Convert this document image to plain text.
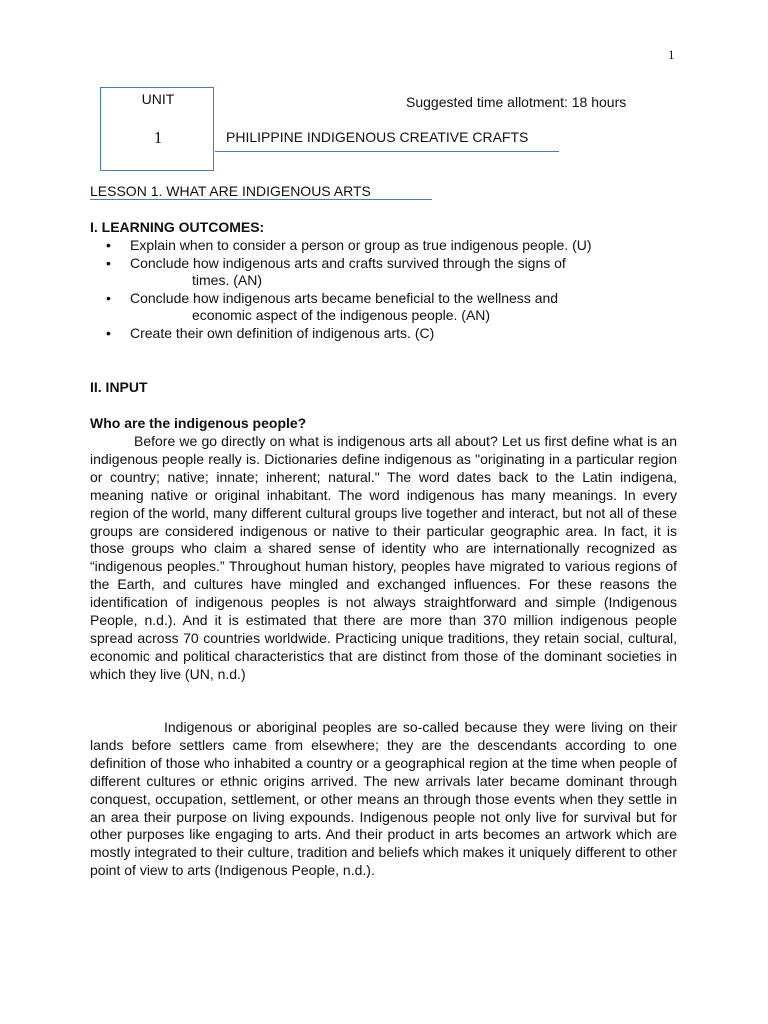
1
UNIT
1
Suggested time allotment: 18 hours
PHILIPPINE INDIGENOUS CREATIVE CRAFTS
LESSON 1. WHAT ARE INDIGENOUS ARTS
I. LEARNING OUTCOMES:
• Explain when to consider a person or group as true indigenous people. (U)
• Conclude how indigenous arts and crafts survived through the signs of
times. (AN)
• Conclude how indigenous arts became beneficial to the wellness and
economic aspect of the indigenous people. (AN)
• Create their own definition of indigenous arts. (C)
II. INPUT
Who are the indigenous people?

Before we go directly on what is indigenous arts all about? Let us first define what is an indigenous people really is. Dictionaries define indigenous as "originating in a particular region or country; native; innate; inherent; natural." The word dates back to the Latin indigena, meaning native or original inhabitant. The word indigenous has many meanings. In every region of the world, many different cultural groups live together and interact, but not all of these groups are considered indigenous or native to their particular geographic area. In fact, it is those groups who claim a shared sense of identity who are internationally recognized as “indigenous peoples.” Throughout human history, peoples have migrated to various regions of the Earth, and cultures have mingled and exchanged influences. For these reasons the identification of indigenous peoples is not always straightforward and simple (Indigenous People, n.d.). And it is estimated that there are more than 370 million indigenous people spread across 70 countries worldwide. Practicing unique traditions, they retain social, cultural, economic and political characteristics that are distinct from those of the dominant societies in which they live (UN, n.d.)

Indigenous or aboriginal peoples are so-called because they were living on their lands before settlers came from elsewhere; they are the descendants according to one definition of those who inhabited a country or a geographical region at the time when people of different cultures or ethnic origins arrived. The new arrivals later became dominant through conquest, occupation, settlement, or other means an through those events when they settle in an area their purpose on living expounds. Indigenous people not only live for survival but for other purposes like engaging to arts. And their product in arts becomes an artwork which are mostly integrated to their culture, tradition and beliefs which makes it uniquely different to other point of view to arts (Indigenous People, n.d.).
